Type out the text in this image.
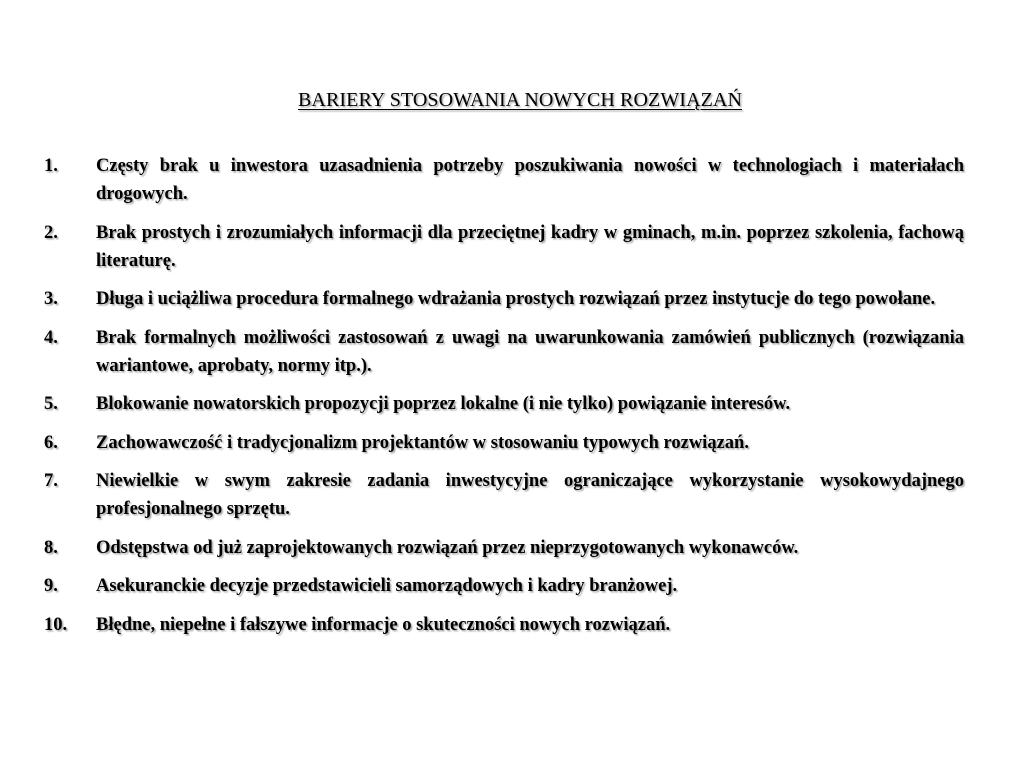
BARIERY STOSOWANIA NOWYCH ROZWIĄZAŃ
1.	Częsty brak u inwestora uzasadnienia potrzeby poszukiwania nowości w technologiach i materiałach drogowych.
2.	Brak prostych i zrozumiałych informacji dla przeciętnej kadry w gminach, m.in. poprzez szkolenia, fachową literaturę.
3.	Długa i uciążliwa procedura formalnego wdrażania prostych rozwiązań przez instytucje do tego powołane.
4.	Brak formalnych możliwości zastosowań z uwagi na uwarunkowania zamówień publicznych (rozwiązania wariantowe, aprobaty, normy itp.).
5.	Blokowanie nowatorskich propozycji poprzez lokalne (i nie tylko) powiązanie interesów.
6.	Zachowawczość i tradycjonalizm projektantów w stosowaniu typowych rozwiązań.
7.	Niewielkie w swym zakresie zadania inwestycyjne ograniczające wykorzystanie wysokowydajnego profesjonalnego sprzętu.
8.	Odstępstwa od już zaprojektowanych rozwiązań przez nieprzygotowanych wykonawców.
9.	Asekuranckie decyzje przedstawicieli samorządowych i kadry branżowej.
10.	Błędne, niepełne i fałszywe informacje o skuteczności nowych rozwiązań.
